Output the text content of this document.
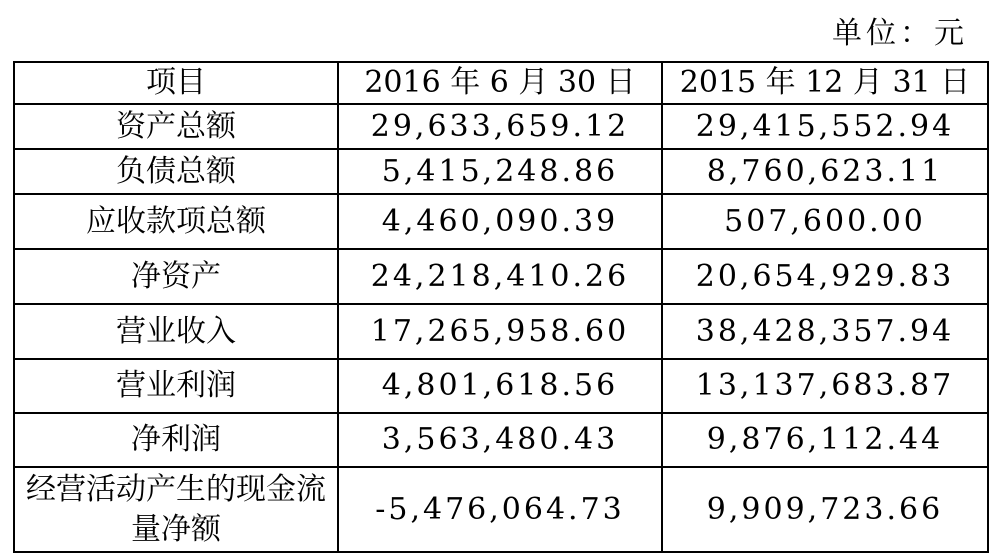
单位：元
项目	2016 年 6 月 30 日	2015 年 12 月 31 日
资产总额	29,633,659.12	29,415,552.94
负债总额	5,415,248.86	8,760,623.11
应收款项总额	4,460,090.39	507,600.00
净资产	24,218,410.26	20,654,929.83
营业收入	17,265,958.60	38,428,357.94
营业利润	4,801,618.56	13,137,683.87
净利润	3,563,480.43	9,876,112.44
经营活动产生的现金流量净额	-5,476,064.73	9,909,723.66
